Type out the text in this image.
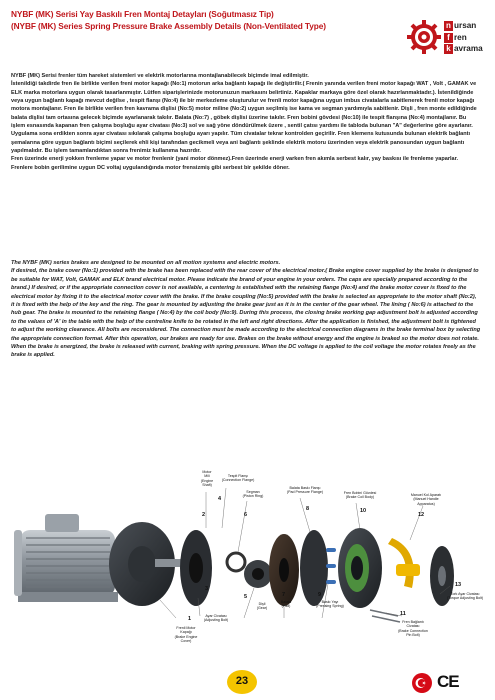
NYBF (MK) Serisi Yay Baskılı Fren Montaj Detayları (Soğutmasız Tip)
(NYBF (MK) Series Spring Pressure Brake Assembly Details (Non-Ventilated Type)	n ursan
f ren
k avrama

NYBF (MK) Serisi frenler tüm hareket sistemleri ve elektrik motorlarına montajlanabilecek biçimde imal edilmiştir.

İstenildiği takdirde fren ile birlikte verilen freni motor kapağı (No:1) motorun arka bağlantı kapağı ile değiştirilir.( Frenin yanında verilen freni motor kapağı WAT , Volt , GAMAK ve ELK marka motorlara uygun olarak tasarlanmıştır. Lütfen siparişlerinizde motorunuzun markasını belirtiniz. Kapaklar markaya göre özel olarak hazırlanmaktadır.). İstenildiğinde veya uygun bağlantı kapağı mevcut değilse , tespit flanşı (No:4) ile bir merkezleme oluşturulur ve frenli motor kapağına uygun imbus civatalarla sabitlenerek frenli motor kapağı motora montajlanır. Fren ile birlikte verilen fren kavrama dişlisi (No:5) motor miline (No:2) uygun seçilmiş ise kama ve segman yardımıyla sabitlenir. Dişli , fren monte edildiğinde balata dişlisi tam ortasına gelecek biçimde ayarlanarak takılır. Balata (No:7) , göbek dişlisi üzerine takılır. Fren bobini gövdesi (No:10) ile tespit flanşına (No:4) montajlanır. Bu işlem esnasında kapanan fren çalışma boşluğu ayar civatası (No:3) sol ve sağ yöne döndürülmek üzere , sentil çatısı yardımı ile tabloda bulunan "A" değerlerine göre ayarlanır. Uygulama sona erdikten sonra ayar civatası sıkılarak çalışma boşluğu ayarı yapılır. Tüm civatalar tekrar kontrolden geçirilir. Fren klemens kutusunda bulunan elektrik bağlantı şemalarına göre uygun bağlantı biçimi seçilerek ehli kişi tarafından gecikmeli veya ani bağlantı şeklinde elektrik motoru üzerinden veya elektrik panosundan uygun bağlantı yapılmalıdır. Bu işlem tamamlandıktan sonra frenimiz kullanıma hazırdır.

Fren üzerinde enerji yokken frenleme yapar ve motor frenlenir (yani motor dönmez).Fren üzerinde enerji varken fren akımla serbest kalır, yay baskısı ile frenleme yaparlar. Frenlere bobin gerilimine uygun DC voltaj uygulandığında motor frensizmiş gibi serbest bir şekilde döner.

The NYBF (MK) series brakes are designed to be mounted on all motion systems and electric motors.

If desired, the brake cover (No:1) provided with the brake has been replaced with the rear cover of the electrical motor.( Brake engine cover supplied by the brake is designed to be suitable for WAT, Volt, GAMAK and ELK brand electrical motor. Please indicate the brand of your engine in your orders. The caps are specially prepared according to the brand.) If desired, or if the appropriate connection cover is not available, a centering is established with the retaining flange (No:4) and the brake motor cover is fixed to the electrical motor by fixing it to the electrical motor cover with the brake. If the brake coupling (No:5) provided with the brake is selected as appropriate to the motor shaft (No:2), it is fixed with the help of the key and the ring. The gear is mounted by adjusting the brake gear just as it is in the center of the gear wheel. The lining ( No:6) is attached to the hub gear. The brake is mounted to the retaining flange ( No:4) by the coil body (No:9). During this process, the closing brake working gap adjustment bolt is adjusted according to the values of 'A' in the table with the help of the centreline knife to be rotated in the left and right directions. After the application is finished, the adjustment bolt is tightened to adjust the working clearance. All bolts are reconsidered. The connection must be made according to the electrical connection diagrams in the brake terminal box by selecting the appropriate connection format. After this operation, our brakes are ready for use. Brakes on the brake without energy and the engine is braked so the motor does not rotate. When the brake is energized, the brake is released with current, braking with spring pressure. When the DC voltage is applied to the coil voltage the motor rotates freely as the brake is applied.

2
3
1
4
6
5	7
8
9
10
12
13
11
Motor
Mili
(Engine
Shaft)
Tespit Flanşı
(Connection Flange)
Segman
(Piston Ring)
Balata Baskı Flanşı
(Pad Pressure Flange)	Fren Bobini Gövdesi
(Brake Coil Body)
Manuel Kol Aparatı
(Manuel Handle
Apparatus)
Tork Ayar Civatası
(Torque Adjusting Bolt)
Fren Bağlantı
Civatası
(Brake Connection
Pin Bolt)
Baskı Yayı
(Pressing Spring)
Balata
(Pad)
Dişli
(Gear)
Ayar Civatası
(Adjusting Bolt)
Frenli Motor
Kapağı
(Brake Engine
Cover)
23	CE
